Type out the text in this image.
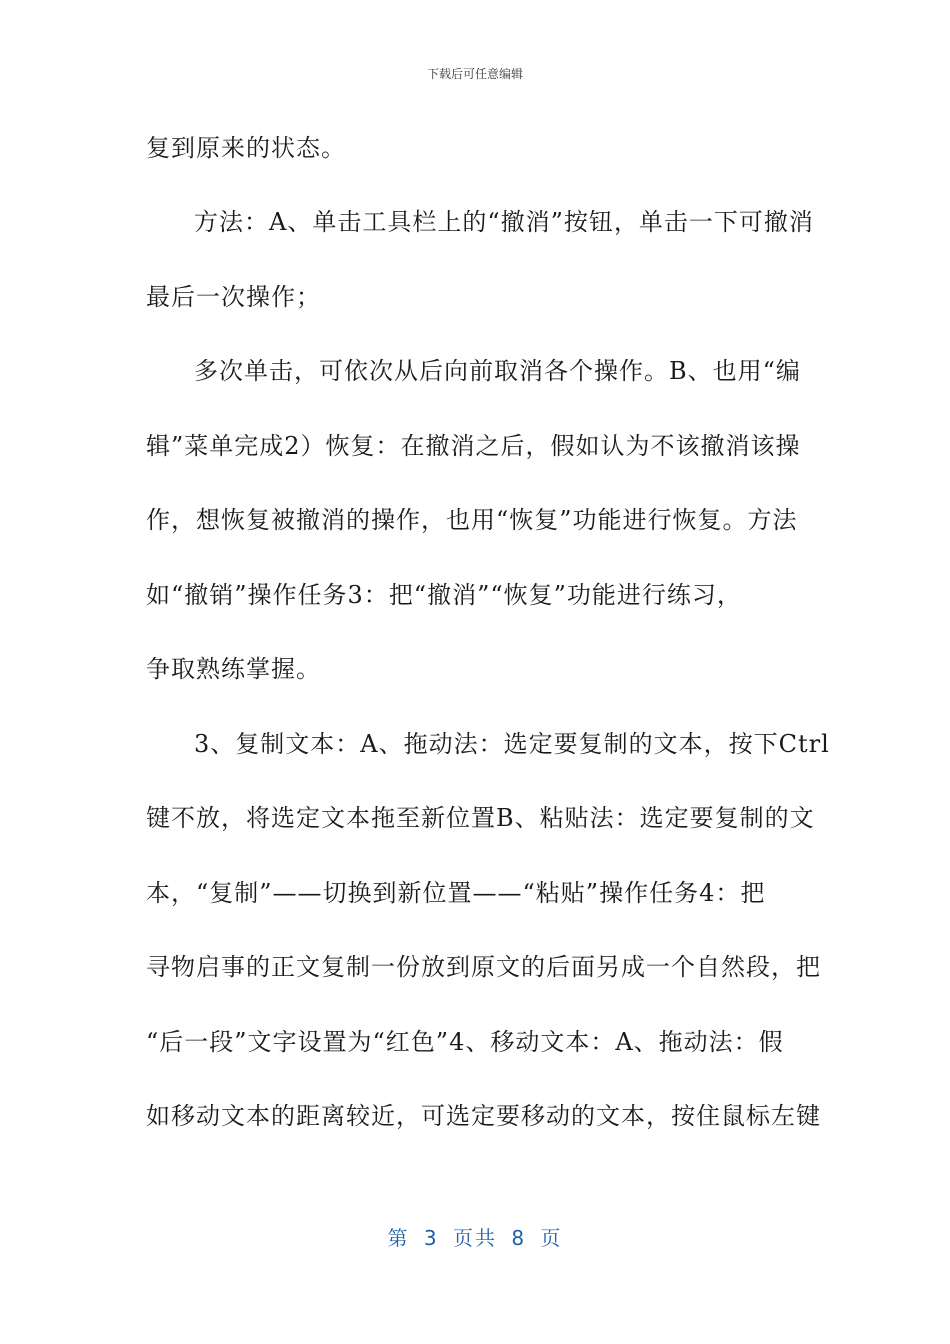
下载后可任意编辑
复到原来的状态。
方法：A、单击工具栏上的“撤消”按钮，单击一下可撤消
最后一次操作；
多次单击，可依次从后向前取消各个操作。B、也用“编
辑”菜单完成2）恢复：在撤消之后，假如认为不该撤消该操
作，想恢复被撤消的操作，也用“恢复”功能进行恢复。方法
如“撤销”操作任务3：把“撤消”“恢复”功能进行练习，
争取熟练掌握。
3、复制文本：A、拖动法：选定要复制的文本，按下Ctrl
键不放，将选定文本拖至新位置B、粘贴法：选定要复制的文
本，“复制”——切换到新位置——“粘贴”操作任务4：把
寻物启事的正文复制一份放到原文的后面另成一个自然段，把
“后一段”文字设置为“红色”4、移动文本：A、拖动法：假
如移动文本的距离较近，可选定要移动的文本，按住鼠标左键
第 3 页共 8 页
